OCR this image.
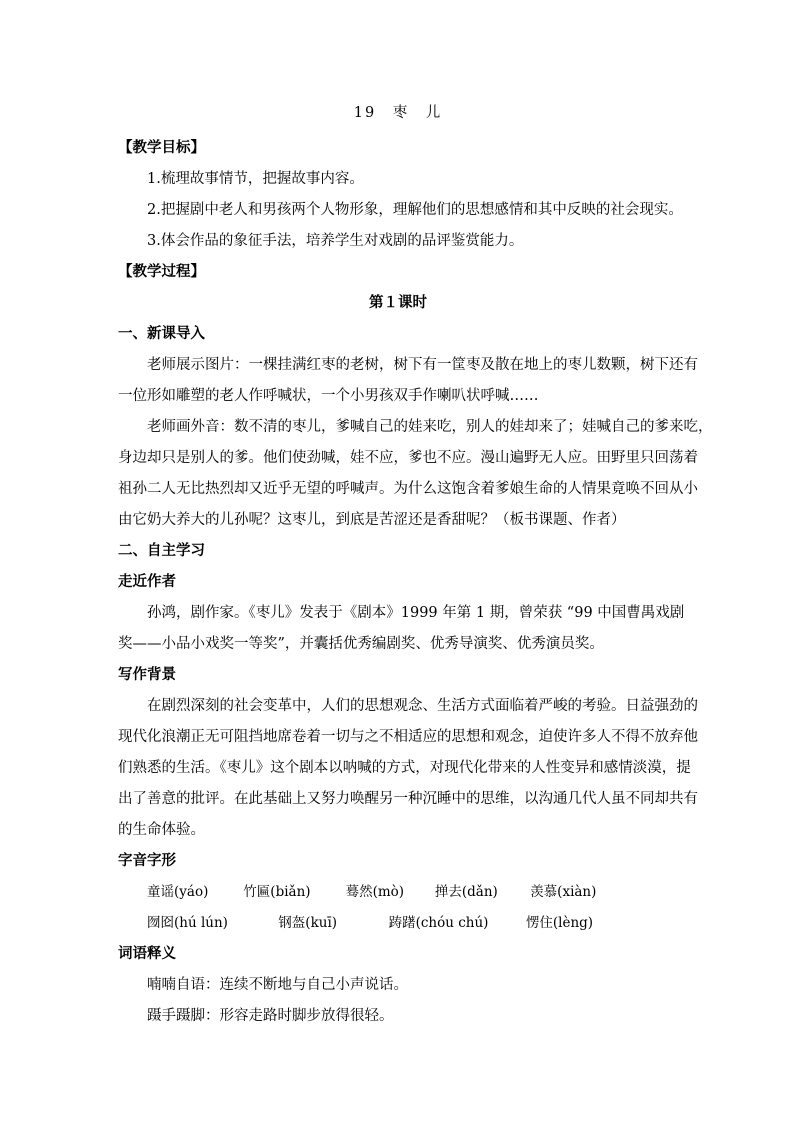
19　枣　儿
【教学目标】
1.梳理故事情节，把握故事内容。
2.把握剧中老人和男孩两个人物形象，理解他们的思想感情和其中反映的社会现实。
3.体会作品的象征手法，培养学生对戏剧的品评鉴赏能力。
【教学过程】
第１课时
一、新课导入
老师展示图片：一棵挂满红枣的老树，树下有一筐枣及散在地上的枣儿数颗，树下还有
一位形如雕塑的老人作呼喊状，一个小男孩双手作喇叭状呼喊……
老师画外音：数不清的枣儿，爹喊自己的娃来吃，别人的娃却来了；娃喊自己的爹来吃，
身边却只是别人的爹。他们使劲喊，娃不应，爹也不应。漫山遍野无人应。田野里只回荡着
祖孙二人无比热烈却又近乎无望的呼喊声。为什么这饱含着爹娘生命的人情果竟唤不回从小
由它奶大养大的儿孙呢？这枣儿，到底是苦涩还是香甜呢？（板书课题、作者）
二、自主学习
走近作者
孙鸿，剧作家。《枣儿》发表于《剧本》1999 年第 1 期，曾荣获 “99 中国曹禺戏剧
奖——小品小戏奖一等奖”，并囊括优秀编剧奖、优秀导演奖、优秀演员奖。
写作背景
在剧烈深刻的社会变革中，人们的思想观念、生活方式面临着严峻的考验。日益强劲的
现代化浪潮正无可阻挡地席卷着一切与之不相适应的思想和观念，迫使许多人不得不放弃他
们熟悉的生活。《枣儿》这个剧本以呐喊的方式，对现代化带来的人性变异和感情淡漠，提
出了善意的批评。在此基础上又努力唤醒另一种沉睡中的思维，以沟通几代人虽不同却共有
的生命体验。
字音字形
童谣(yáo)	竹匾(biǎn)	蓦然(mò) 掸去(dǎn) 羡慕(xiàn)
囫囵(hú lún)	钢盔(kuī)	踌躇(chóu chú)	愣住(lèng)
词语释义
喃喃自语：连续不断地与自己小声说话。
蹑手蹑脚：形容走路时脚步放得很轻。
